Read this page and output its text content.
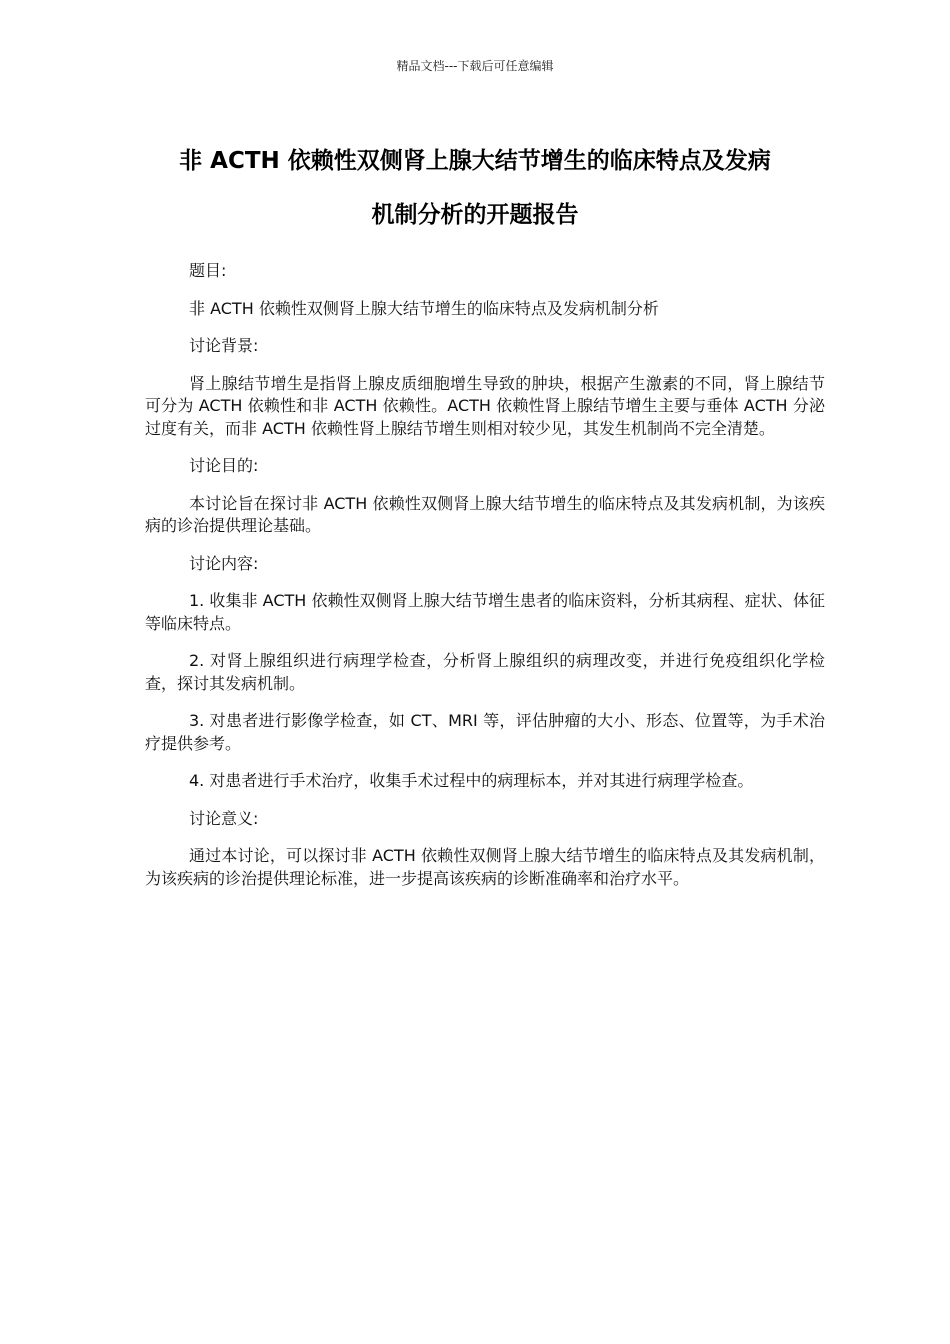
精品文档---下载后可任意编辑
非 ACTH 依赖性双侧肾上腺大结节增生的临床特点及发病
机制分析的开题报告

题目:

非 ACTH 依赖性双侧肾上腺大结节增生的临床特点及发病机制分析

讨论背景:

肾上腺结节增生是指肾上腺皮质细胞增生导致的肿块，根据产生激素的不同，肾上腺结节可分为 ACTH 依赖性和非 ACTH 依赖性。ACTH 依赖性肾上腺结节增生主要与垂体 ACTH 分泌过度有关，而非 ACTH 依赖性肾上腺结节增生则相对较少见，其发生机制尚不完全清楚。

讨论目的:

本讨论旨在探讨非 ACTH 依赖性双侧肾上腺大结节增生的临床特点及其发病机制，为该疾病的诊治提供理论基础。

讨论内容:

1. 收集非 ACTH 依赖性双侧肾上腺大结节增生患者的临床资料，分析其病程、症状、体征等临床特点。

2. 对肾上腺组织进行病理学检查，分析肾上腺组织的病理改变，并进行免疫组织化学检查，探讨其发病机制。

3. 对患者进行影像学检查，如 CT、MRI 等，评估肿瘤的大小、形态、位置等，为手术治疗提供参考。

4. 对患者进行手术治疗，收集手术过程中的病理标本，并对其进行病理学检查。

讨论意义:

通过本讨论，可以探讨非 ACTH 依赖性双侧肾上腺大结节增生的临床特点及其发病机制，为该疾病的诊治提供理论标准，进一步提高该疾病的诊断准确率和治疗水平。
